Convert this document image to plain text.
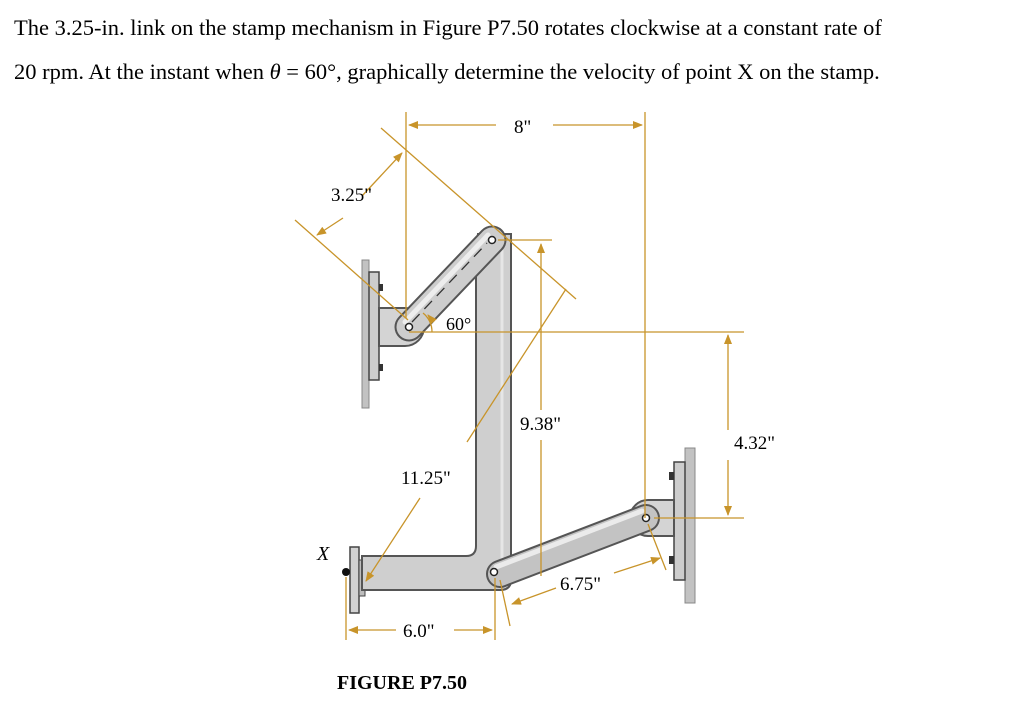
The 3.25-in. link on the stamp mechanism in Figure P7.50 rotates clockwise at a constant rate of
20 rpm. At the instant when θ = 60°, graphically determine the velocity of point X on the stamp.
8"
3.25"
60°
9.38"
11.25"
4.32"
6.75"
6.0"
X
FIGURE P7.50
